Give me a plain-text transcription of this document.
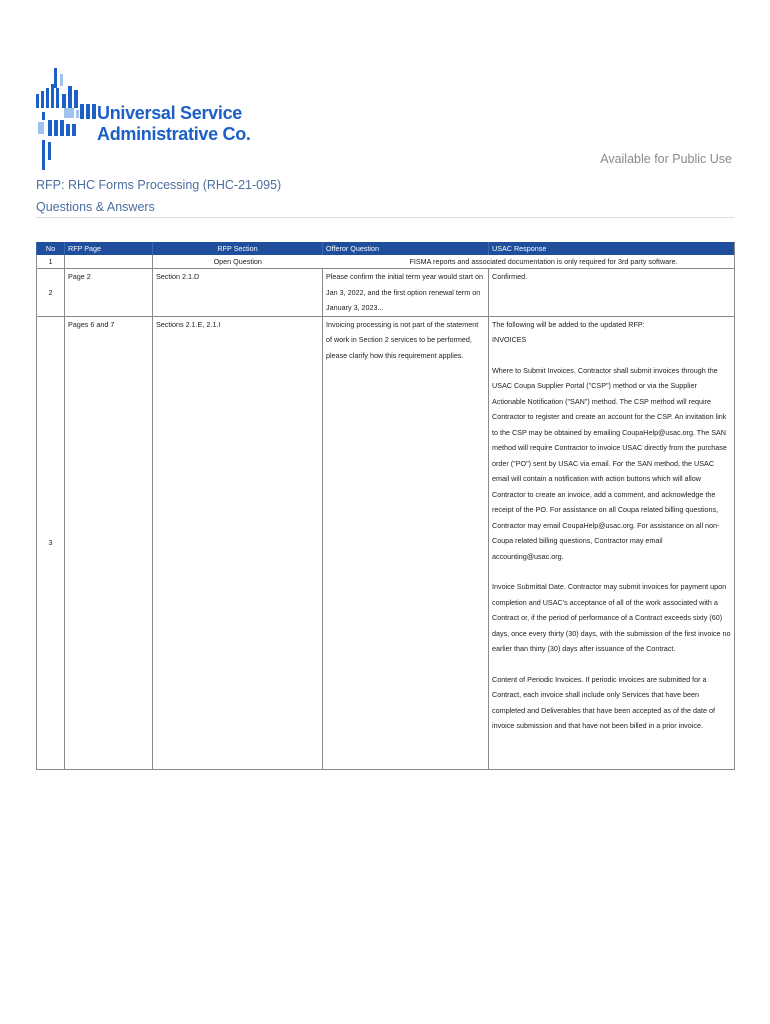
Universal Service
Administrative Co.
Available for Public Use
RFP: RHC Forms Processing (RHC-21-095)
Questions & Answers
No	RFP Page	RFP Section	Offeror Question	USAC Response
1		Open Question	FISMA reports and associated documentation is only required for 3rd party software.	

2	Page 2	Section 2.1.D	Please confirm the initial term year would start on Jan 3, 2022, and the first option renewal term on January 3, 2023...	Confirmed.
3	Pages 6 and 7	Sections 2.1.E, 2.1.I	Invoicing processing is not part of the statement of work in Section 2 services to be performed, please clarify how this requirement applies.	The following will be added to the updated RFP:

INVOICES

Where to Submit Invoices. Contractor shall submit invoices through the USAC Coupa Supplier Portal ("CSP") method or via the Supplier Actionable Notification ("SAN") method. The CSP method will require Contractor to register and create an account for the CSP. An invitation link to the CSP may be obtained by emailing CoupaHelp@usac.org. The SAN method will require Contractor to invoice USAC directly from the purchase order ("PO") sent by USAC via email. For the SAN method, the USAC email will contain a notification with action buttons which will allow Contractor to create an invoice, add a comment, and acknowledge the receipt of the PO. For assistance on all Coupa related billing questions, Contractor may email CoupaHelp@usac.org. For assistance on all non-Coupa related billing questions, Contractor may email accounting@usac.org.

Invoice Submittal Date. Contractor may submit invoices for payment upon completion and USAC's acceptance of all of the work associated with a Contract or, if the period of performance of a Contract exceeds sixty (60) days, once every thirty (30) days, with the submission of the first invoice no earlier than thirty (30) days after issuance of the Contract.

Content of Periodic Invoices. If periodic invoices are submitted for a Contract, each invoice shall include only Services that have been completed and Deliverables that have been accepted as of the date of invoice submission and that have not been billed in a prior invoice.
